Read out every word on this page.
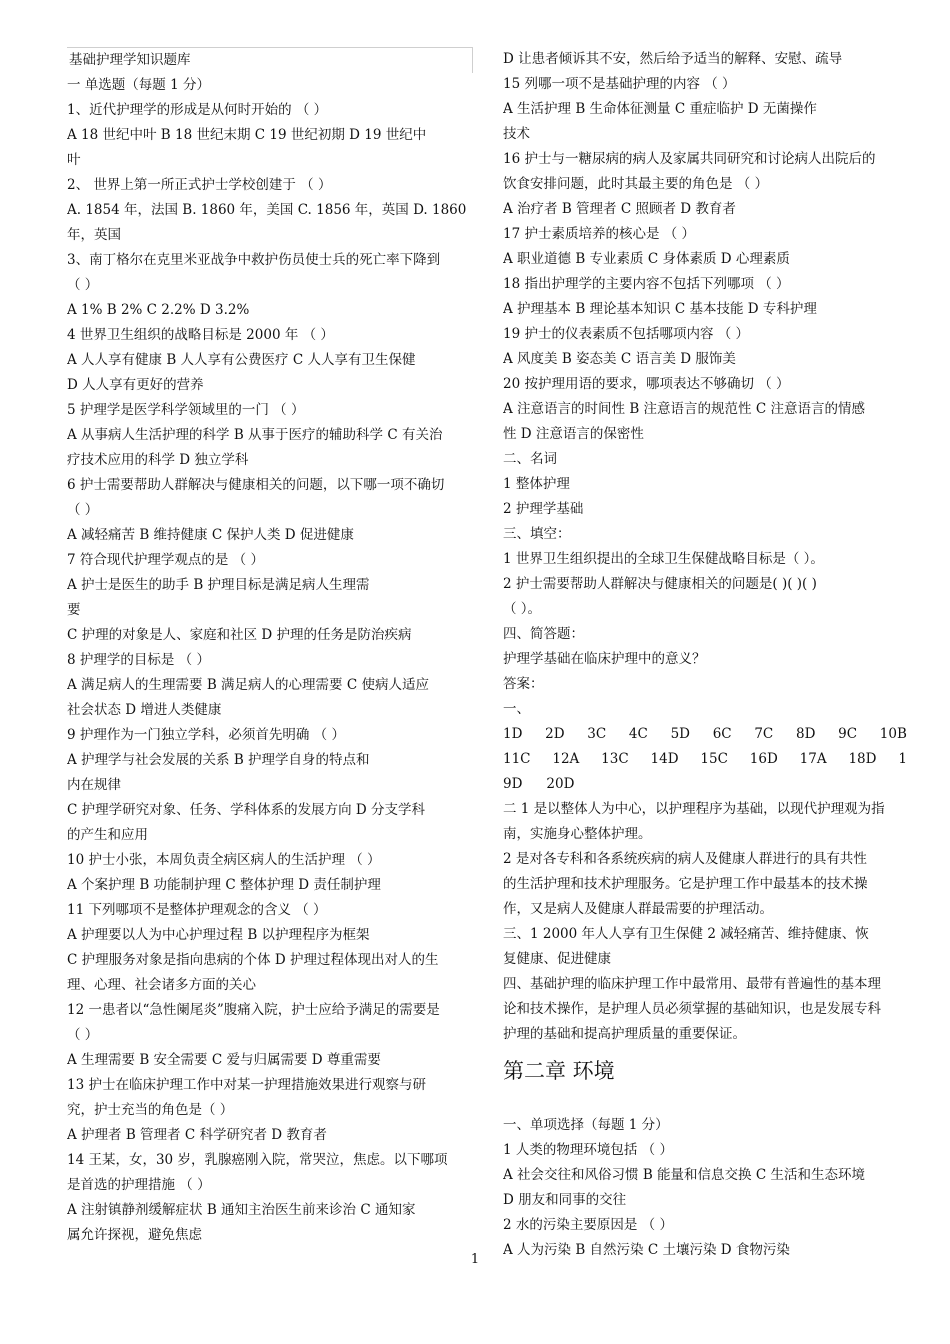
基础护理学知识题库
一 单选题（每题 1 分）
1、近代护理学的形成是从何时开始的 （ ）
A 18 世纪中叶 B 18 世纪末期 C 19 世纪初期 D 19 世纪中
叶
2、 世界上第一所正式护士学校创建于 （ ）
A. 1854 年，法国 B. 1860 年，美国 C. 1856 年，英国 D. 1860
年，英国
3、南丁格尔在克里米亚战争中救护伤员使士兵的死亡率下降到
（ ）
A 1% B 2% C 2.2% D 3.2%
4 世界卫生组织的战略目标是 2000 年 （ ）
A 人人享有健康 B 人人享有公费医疗 C 人人享有卫生保健
D 人人享有更好的营养
5 护理学是医学科学领域里的一门 （ ）
A 从事病人生活护理的科学 B 从事于医疗的辅助科学 C 有关治
疗技术应用的科学 D 独立学科
6 护士需要帮助人群解决与健康相关的问题，以下哪一项不确切
（ ）
A 减轻痛苦 B 维持健康 C 保护人类 D 促进健康
7 符合现代护理学观点的是 （ ）
A 护士是医生的助手 B 护理目标是满足病人生理需
要
C 护理的对象是人、家庭和社区 D 护理的任务是防治疾病
8 护理学的目标是 （ ）
A 满足病人的生理需要 B 满足病人的心理需要 C 使病人适应
社会状态 D 增进人类健康
9 护理作为一门独立学科，必须首先明确 （ ）
A 护理学与社会发展的关系 B 护理学自身的特点和
内在规律
C 护理学研究对象、任务、学科体系的发展方向 D 分支学科
的产生和应用
10 护士小张，本周负责全病区病人的生活护理 （ ）
A 个案护理 B 功能制护理 C 整体护理 D 责任制护理
11 下列哪项不是整体护理观念的含义 （ ）
A 护理要以人为中心护理过程 B 以护理程序为框架
C 护理服务对象是指向患病的个体 D 护理过程体现出对人的生
理、心理、社会诸多方面的关心
12 一患者以“急性阑尾炎”腹痛入院，护士应给予满足的需要是
（ ）
A 生理需要 B 安全需要 C 爱与归属需要 D 尊重需要
13 护士在临床护理工作中对某一护理措施效果进行观察与研
究，护士充当的角色是（ ）
A 护理者 B 管理者 C 科学研究者 D 教育者
14 王某，女，30 岁，乳腺癌刚入院，常哭泣，焦虑。以下哪项
是首选的护理措施 （ ）
A 注射镇静剂缓解症状 B 通知主治医生前来诊治 C 通知家
属允许探视，避免焦虑
D 让患者倾诉其不安，然后给予适当的解释、安慰、疏导
15 列哪一项不是基础护理的内容 （ ）
A 生活护理 B 生命体征测量 C 重症临护 D 无菌操作
技术
16 护士与一糖尿病的病人及家属共同研究和讨论病人出院后的
饮食安排问题，此时其最主要的角色是 （ ）
A 治疗者 B 管理者 C 照顾者 D 教育者
17 护士素质培养的核心是 （ ）
A 职业道德 B 专业素质 C 身体素质 D 心理素质
18 指出护理学的主要内容不包括下列哪项 （ ）
A 护理基本 B 理论基本知识 C 基本技能 D 专科护理
19 护士的仪表素质不包括哪项内容 （ ）
A 风度美 B 姿态美 C 语言美 D 服饰美
20 按护理用语的要求，哪项表达不够确切 （ ）
A 注意语言的时间性 B 注意语言的规范性 C 注意语言的情感
性 D 注意语言的保密性
二、名词
1 整体护理
2 护理学基础
三、填空：
1 世界卫生组织提出的全球卫生保健战略目标是（ ）。
2 护士需要帮助人群解决与健康相关的问题是( )( )( )
（ ）。
四、简答题：
护理学基础在临床护理中的意义？
答案：
一、
1D 2D 3C 4C 5D 6C 7C 8D 9C 10B
11C 12A 13C 14D 15C 16D 17A 18D 1
9D 20D
二 1 是以整体人为中心，以护理程序为基础，以现代护理观为指
南，实施身心整体护理。
2 是对各专科和各系统疾病的病人及健康人群进行的具有共性
的生活护理和技术护理服务。它是护理工作中最基本的技术操
作，又是病人及健康人群最需要的护理活动。
三、1 2000 年人人享有卫生保健 2 减轻痛苦、维持健康、恢
复健康、促进健康
四、基础护理的临床护理工作中最常用、最带有普遍性的基本理
论和技术操作，是护理人员必须掌握的基础知识，也是发展专科
护理的基础和提高护理质量的重要保证。
第二章 环境
一、单项选择（每题 1 分）
1 人类的物理环境包括 （ ）
A 社会交往和风俗习惯 B 能量和信息交换 C 生活和生态环境
D 朋友和同事的交往
2 水的污染主要原因是 （ ）
A 人为污染 B 自然污染 C 土壤污染 D 食物污染
1
